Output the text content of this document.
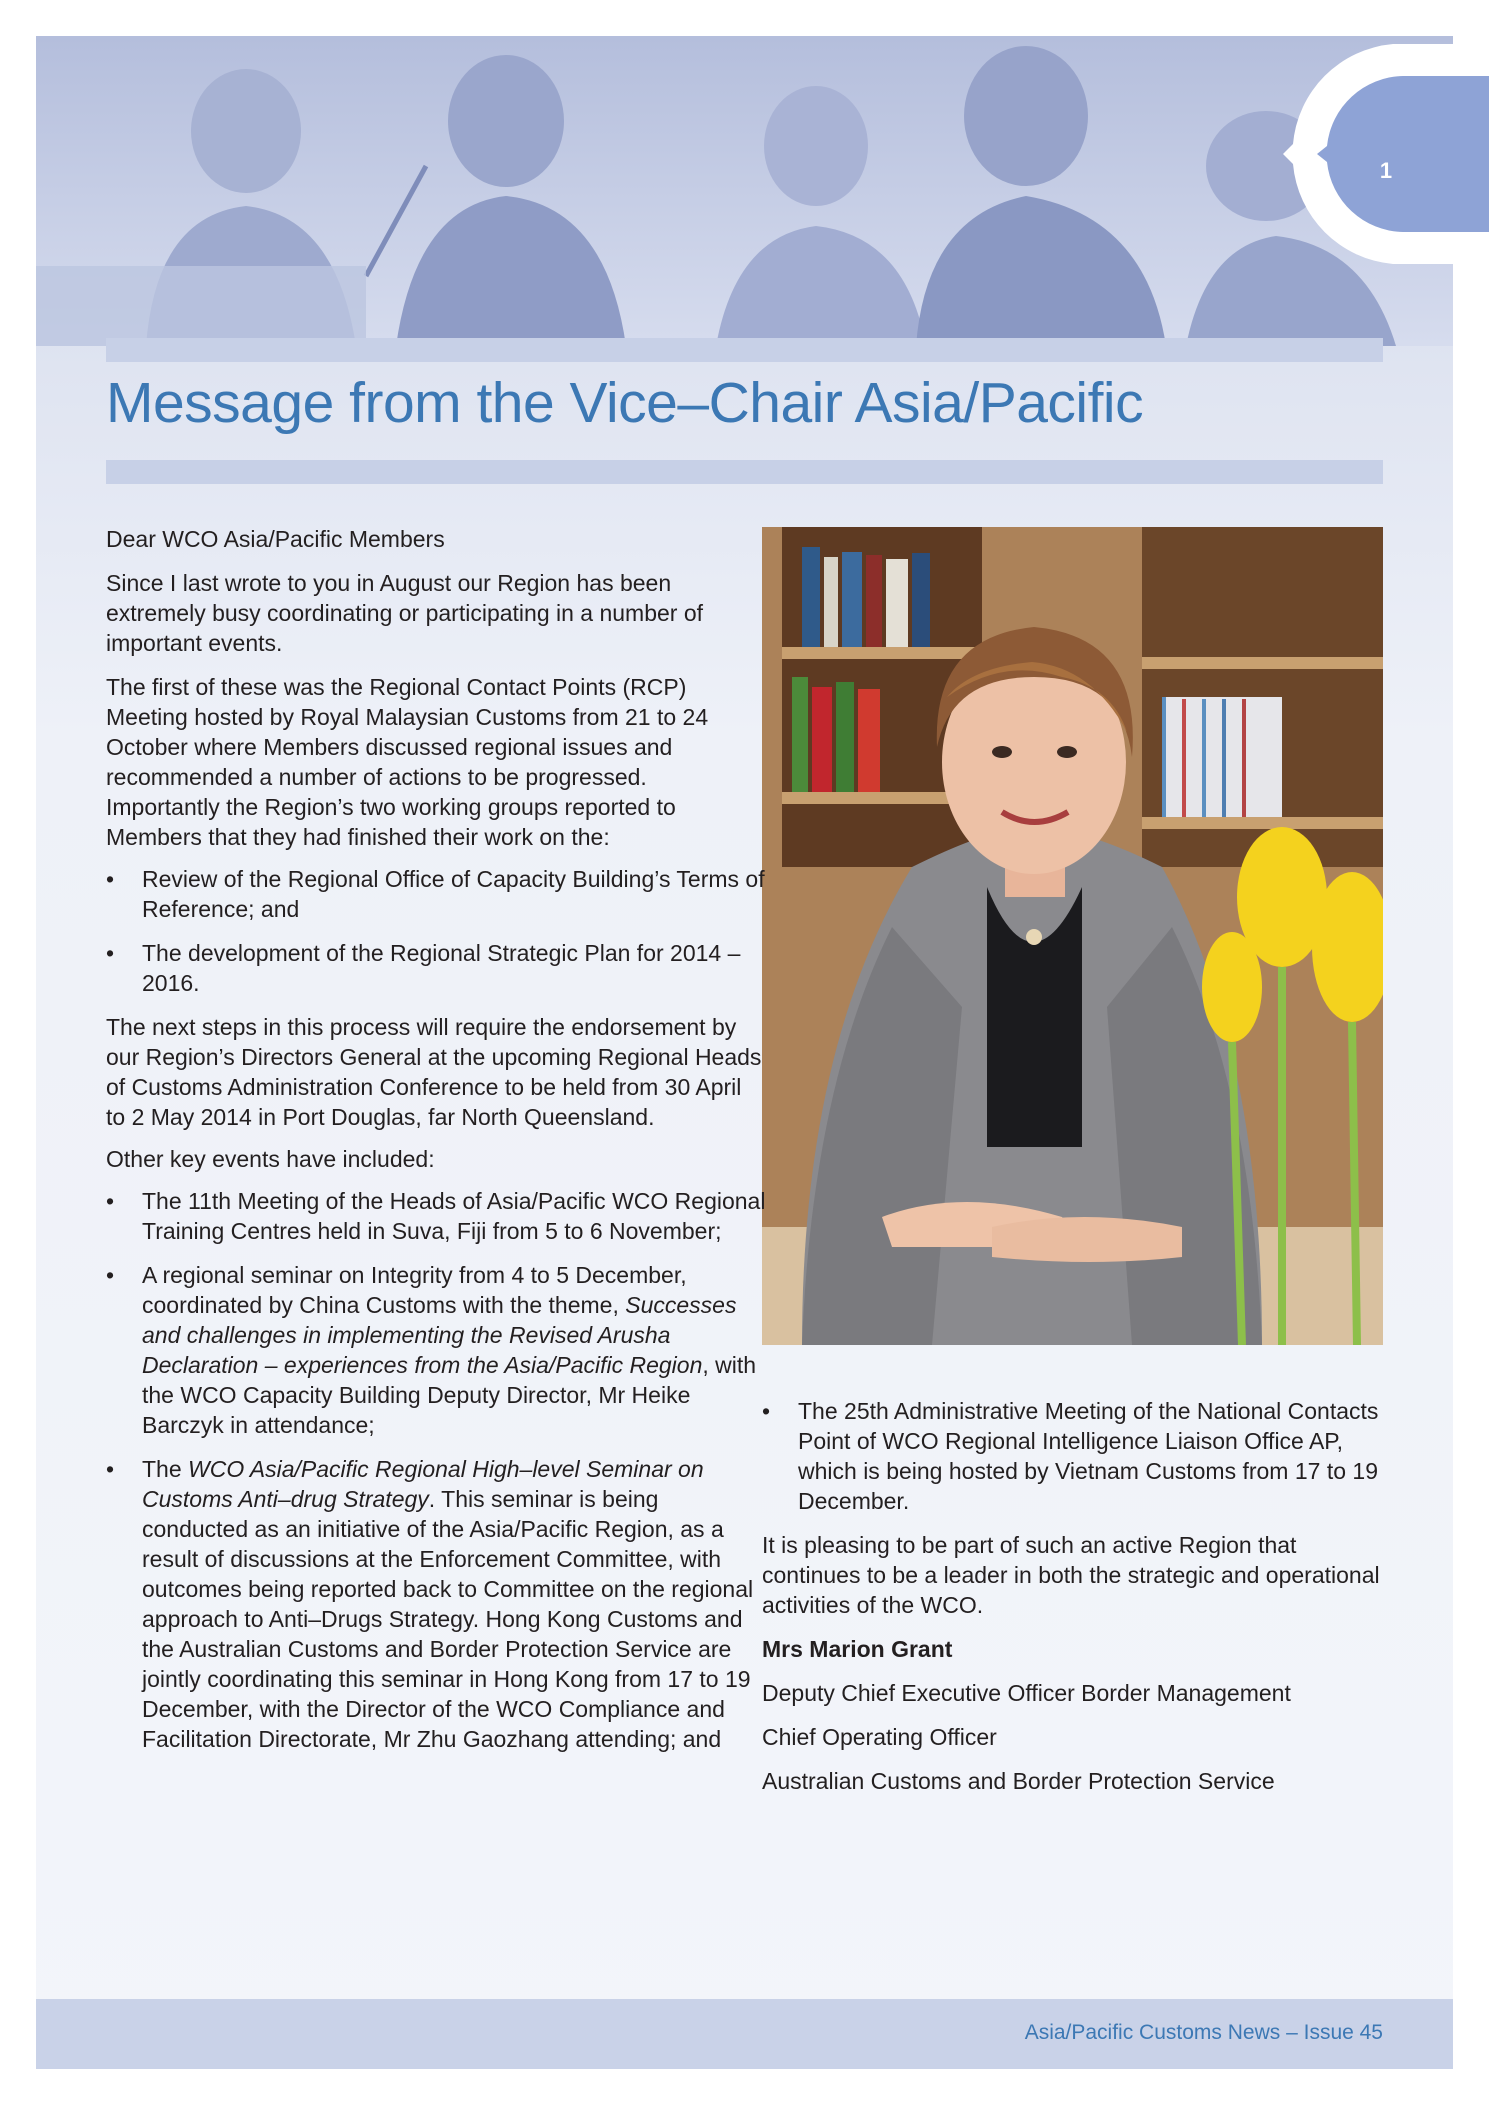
Message from the Vice–Chair Asia/Pacific

Dear WCO Asia/Pacific Members

Since I last wrote to you in August our Region has been extremely busy coordinating or participating in a number of important events.

The first of these was the Regional Contact Points (RCP) Meeting hosted by Royal Malaysian Customs from 21 to 24 October where Members discussed regional issues and recommended a number of actions to be progressed. Importantly the Region’s two working groups reported to Members that they had finished their work on the:

• Review of the Regional Office of Capacity Building’s Terms of Reference; and
• The development of the Regional Strategic Plan for 2014 – 2016.

The next steps in this process will require the endorsement by our Region’s Directors General at the upcoming Regional Heads of Customs Administration Conference to be held from 30 April to 2 May 2014 in Port Douglas, far North Queensland.

Other key events have included:

• The 11th Meeting of the Heads of Asia/Pacific WCO Regional Training Centres held in Suva, Fiji from 5 to 6 November;
• A regional seminar on Integrity from 4 to 5 December, coordinated by China Customs with the theme, Successes and challenges in implementing the Revised Arusha Declaration – experiences from the Asia/Pacific Region, with the WCO Capacity Building Deputy Director, Mr Heike Barczyk in attendance;
• The WCO Asia/Pacific Regional High–level Seminar on Customs Anti–drug Strategy. This seminar is being conducted as an initiative of the Asia/Pacific Region, as a result of discussions at the Enforcement Committee, with outcomes being reported back to Committee on the regional approach to Anti–Drugs Strategy. Hong Kong Customs and the Australian Customs and Border Protection Service are jointly coordinating this seminar in Hong Kong from 17 to 19 December, with the Director of the WCO Compliance and Facilitation Directorate, Mr Zhu Gaozhang attending; and
• The 25th Administrative Meeting of the National Contacts Point of WCO Regional Intelligence Liaison Office AP, which is being hosted by Vietnam Customs from 17 to 19 December.

It is pleasing to be part of such an active Region that continues to be a leader in both the strategic and operational activities of the WCO.

Mrs Marion Grant

Deputy Chief Executive Officer Border Management

Chief Operating Officer

Australian Customs and Border Protection Service

Asia/Pacific Customs News – Issue 45
1
